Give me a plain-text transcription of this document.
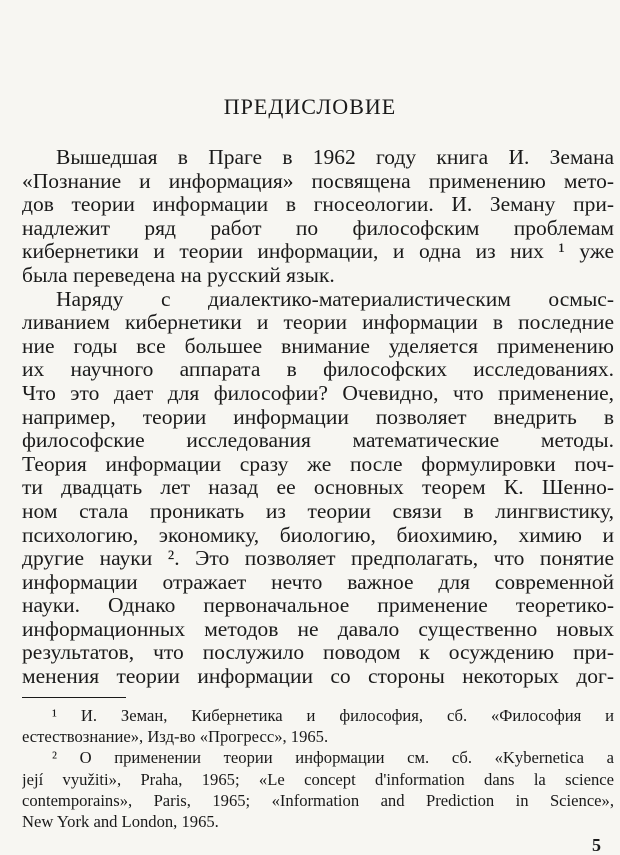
ПРЕДИСЛОВИЕ
Вышедшая в Праге в 1962 году книга И. Земана
«Познание и информация» посвящена применению мето-
дов теории информации в гносеологии. И. Земану при-
надлежит ряд работ по философским проблемам
кибернетики и теории информации, и одна из них ¹ уже
была переведена на русский язык.
Наряду с диалектико-материалистическим осмыс-
ливанием кибернетики и теории информации в последние
ние годы все большее внимание уделяется применению
их научного аппарата в философских исследованиях.
Что это дает для философии? Очевидно, что применение,
например, теории информации позволяет внедрить в
философские исследования математические методы.
Теория информации сразу же после формулировки поч-
ти двадцать лет назад ее основных теорем К. Шенно-
ном стала проникать из теории связи в лингвистику,
психологию, экономику, биологию, биохимию, химию и
другие науки ². Это позволяет предполагать, что понятие
информации отражает нечто важное для современной
науки. Однако первоначальное применение теоретико-
информационных методов не давало существенно новых
результатов, что послужило поводом к осуждению при-
менения теории информации со стороны некоторых дог-
¹ И. Земан, Кибернетика и философия, сб. «Философия и
естествознание», Изд-во «Прогресс», 1965.
² О применении теории информации см. сб. «Kybernetica a
její využiti», Praha, 1965; «Le concept d'information dans la science
contemporains», Paris, 1965; «Information and Prediction in Science»,
New York and London, 1965.
5
